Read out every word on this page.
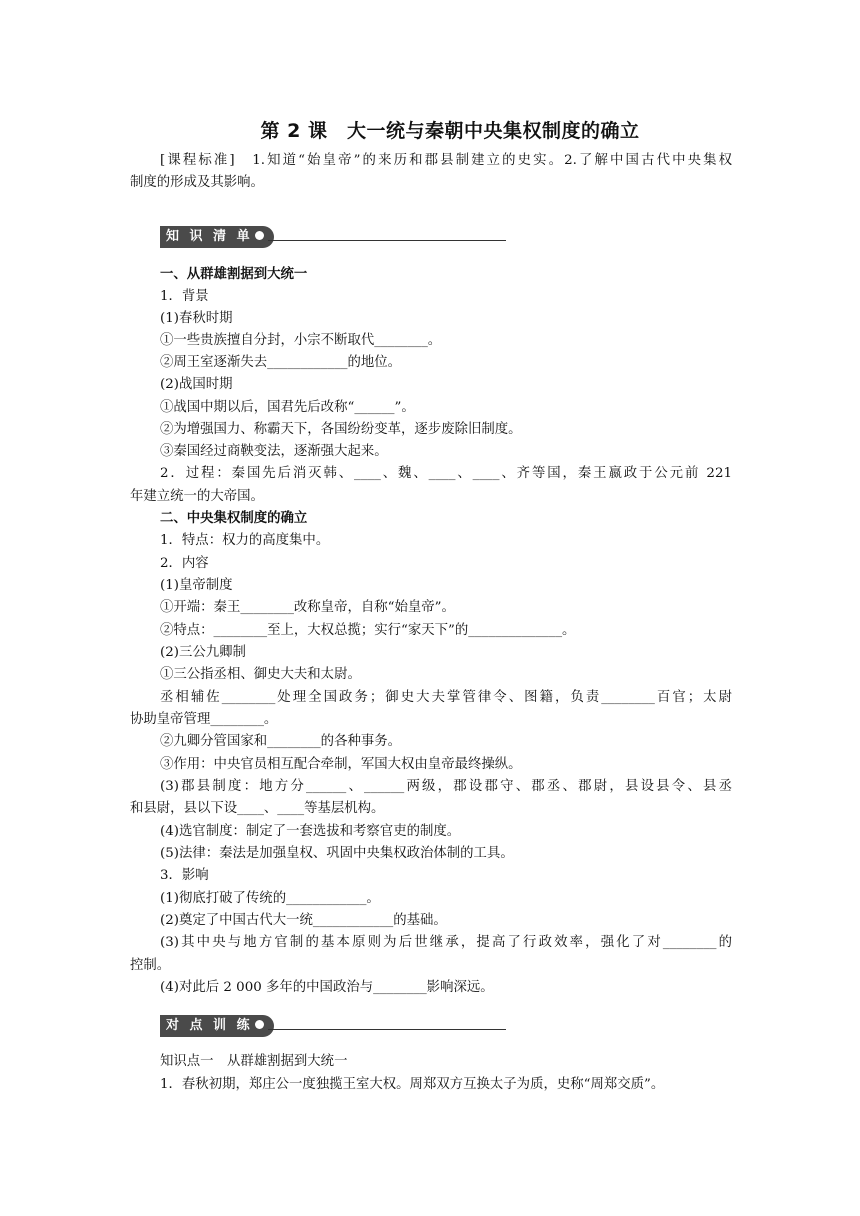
第 2 课　大一统与秦朝中央集权制度的确立
[课程标准]　1.知道“始皇帝”的来历和郡县制建立的史实。2.了解中国古代中央集权
制度的形成及其影响。
知 识 清 单
一、从群雄割据到大统一
1．背景
(1)春秋时期
①一些贵族擅自分封，小宗不断取代________。
②周王室逐渐失去____________的地位。
(2)战国时期
①战国中期以后，国君先后改称“______”。
②为增强国力、称霸天下，各国纷纷变革，逐步废除旧制度。
③秦国经过商鞅变法，逐渐强大起来。
2．过程：秦国先后消灭韩、____、魏、____、____、齐等国，秦王嬴政于公元前 221
年建立统一的大帝国。
二、中央集权制度的确立
1．特点：权力的高度集中。
2．内容
(1)皇帝制度
①开端：秦王________改称皇帝，自称“始皇帝”。
②特点：________至上，大权总揽；实行“家天下”的______________。
(2)三公九卿制
①三公指丞相、御史大夫和太尉。
丞相辅佐________处理全国政务；御史大夫掌管律令、图籍，负责________百官；太尉
协助皇帝管理________。
②九卿分管国家和________的各种事务。
③作用：中央官员相互配合牵制，军国大权由皇帝最终操纵。
(3)郡县制度：地方分______、______两级，郡设郡守、郡丞、郡尉，县设县令、县丞
和县尉，县以下设____、____等基层机构。
(4)选官制度：制定了一套选拔和考察官吏的制度。
(5)法律：秦法是加强皇权、巩固中央集权政治体制的工具。
3．影响
(1)彻底打破了传统的____________。
(2)奠定了中国古代大一统____________的基础。
(3)其中央与地方官制的基本原则为后世继承，提高了行政效率，强化了对________的
控制。
(4)对此后 2 000 多年的中国政治与________影响深远。
对 点 训 练
知识点一　从群雄割据到大统一
1．春秋初期，郑庄公一度独揽王室大权。周郑双方互换太子为质，史称“周郑交质”。
